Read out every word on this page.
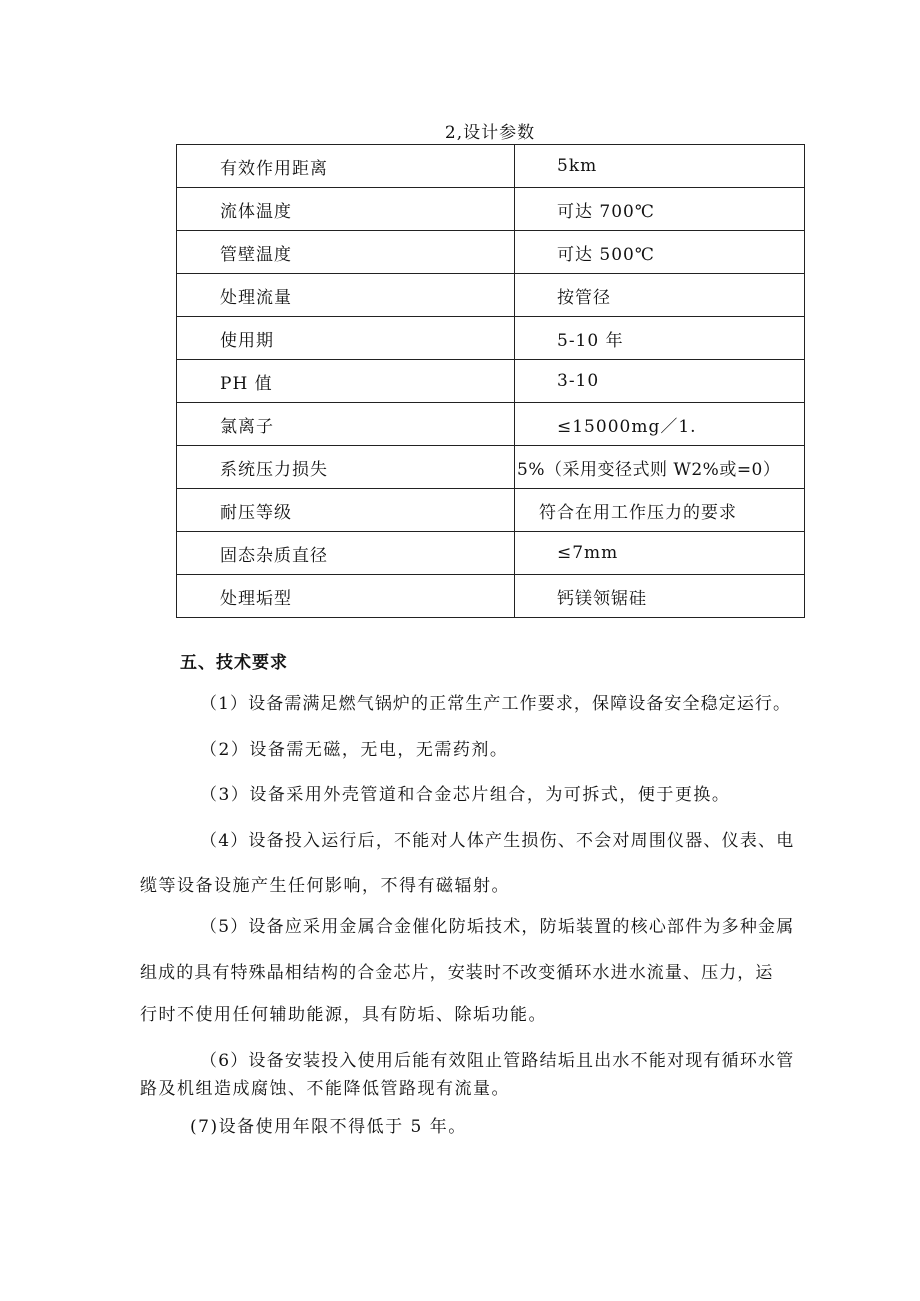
2,设计参数
有效作用距离	5km
流体温度	可达 700℃
管壁温度	可达 500℃
处理流量	按管径
使用期	5-10 年
PH 值	3-10
氯离子	≤15000mg／1.
系统压力损失	5%（采用变径式则 W2%或=0）
耐压等级	符合在用工作压力的要求
固态杂质直径	≤7mm
处理垢型	钙镁领锯硅
五、技术要求
（1）设备需满足燃气锅炉的正常生产工作要求，保障设备安全稳定运行。
（2）设备需无磁，无电，无需药剂。
（3）设备采用外壳管道和合金芯片组合，为可拆式，便于更换。
（4）设备投入运行后，不能对人体产生损伤、不会对周围仪器、仪表、电
缆等设备设施产生任何影响，不得有磁辐射。
（5）设备应采用金属合金催化防垢技术，防垢装置的核心部件为多种金属
组成的具有特殊晶相结构的合金芯片，安装时不改变循环水进水流量、压力，运
行时不使用任何辅助能源，具有防垢、除垢功能。
（6）设备安装投入使用后能有效阻止管路结垢且出水不能对现有循环水管
路及机组造成腐蚀、不能降低管路现有流量。
(7)设备使用年限不得低于 5 年。
